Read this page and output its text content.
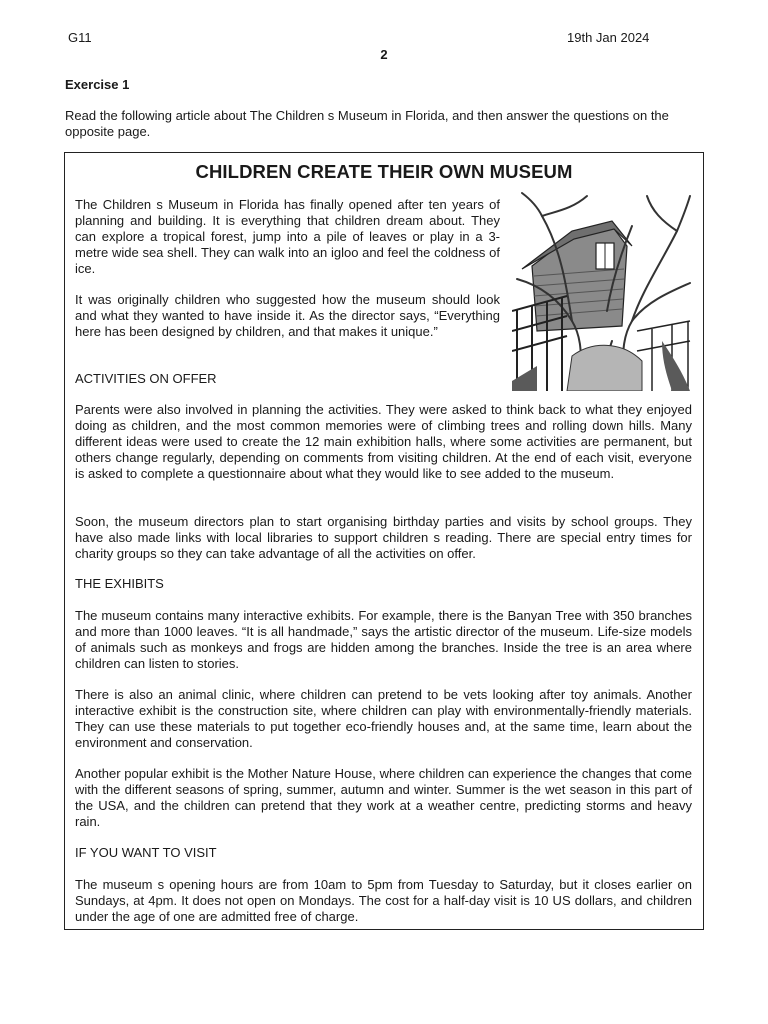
G11	19th Jan 2024
2
Exercise 1
Read the following article about The Children s Museum in Florida, and then answer the questions on the opposite page.
CHILDREN CREATE THEIR OWN MUSEUM
The Children s Museum in Florida has finally opened after ten years of planning and building. It is everything that children dream about. They can explore a tropical forest, jump into a pile of leaves or play in a 3-metre wide sea shell. They can walk into an igloo and feel the coldness of ice.
It was originally children who suggested how the museum should look and what they wanted to have inside it. As the director says, “Everything here has been designed by children, and that makes it unique.”
ACTIVITIES ON OFFER
Parents were also involved in planning the activities. They were asked to think back to what they enjoyed doing as children, and the most common memories were of climbing trees and rolling down hills. Many different ideas were used to create the 12 main exhibition halls, where some activities are permanent, but others change regularly, depending on comments from visiting children. At the end of each visit, everyone is asked to complete a questionnaire about what they would like to see added to the museum.
Soon, the museum directors plan to start organising birthday parties and visits by school groups. They have also made links with local libraries to support children s reading. There are special entry times for charity groups so they can take advantage of all the activities on offer.
THE EXHIBITS
The museum contains many interactive exhibits. For example, there is the Banyan Tree with 350 branches and more than 1000 leaves. “It is all handmade,” says the artistic director of the museum. Life-size models of animals such as monkeys and frogs are hidden among the branches. Inside the tree is an area where children can listen to stories.
There is also an animal clinic, where children can pretend to be vets looking after toy animals. Another interactive exhibit is the construction site, where children can play with environmentally-friendly materials. They can use these materials to put together eco-friendly houses and, at the same time, learn about the environment and conservation.
Another popular exhibit is the Mother Nature House, where children can experience the changes that come with the different seasons of spring, summer, autumn and winter. Summer is the wet season in this part of the USA, and the children can pretend that they work at a weather centre, predicting storms and heavy rain.
IF YOU WANT TO VISIT
The museum s opening hours are from 10am to 5pm from Tuesday to Saturday, but it closes earlier on Sundays, at 4pm. It does not open on Mondays. The cost for a half-day visit is 10 US dollars, and children under the age of one are admitted free of charge.
